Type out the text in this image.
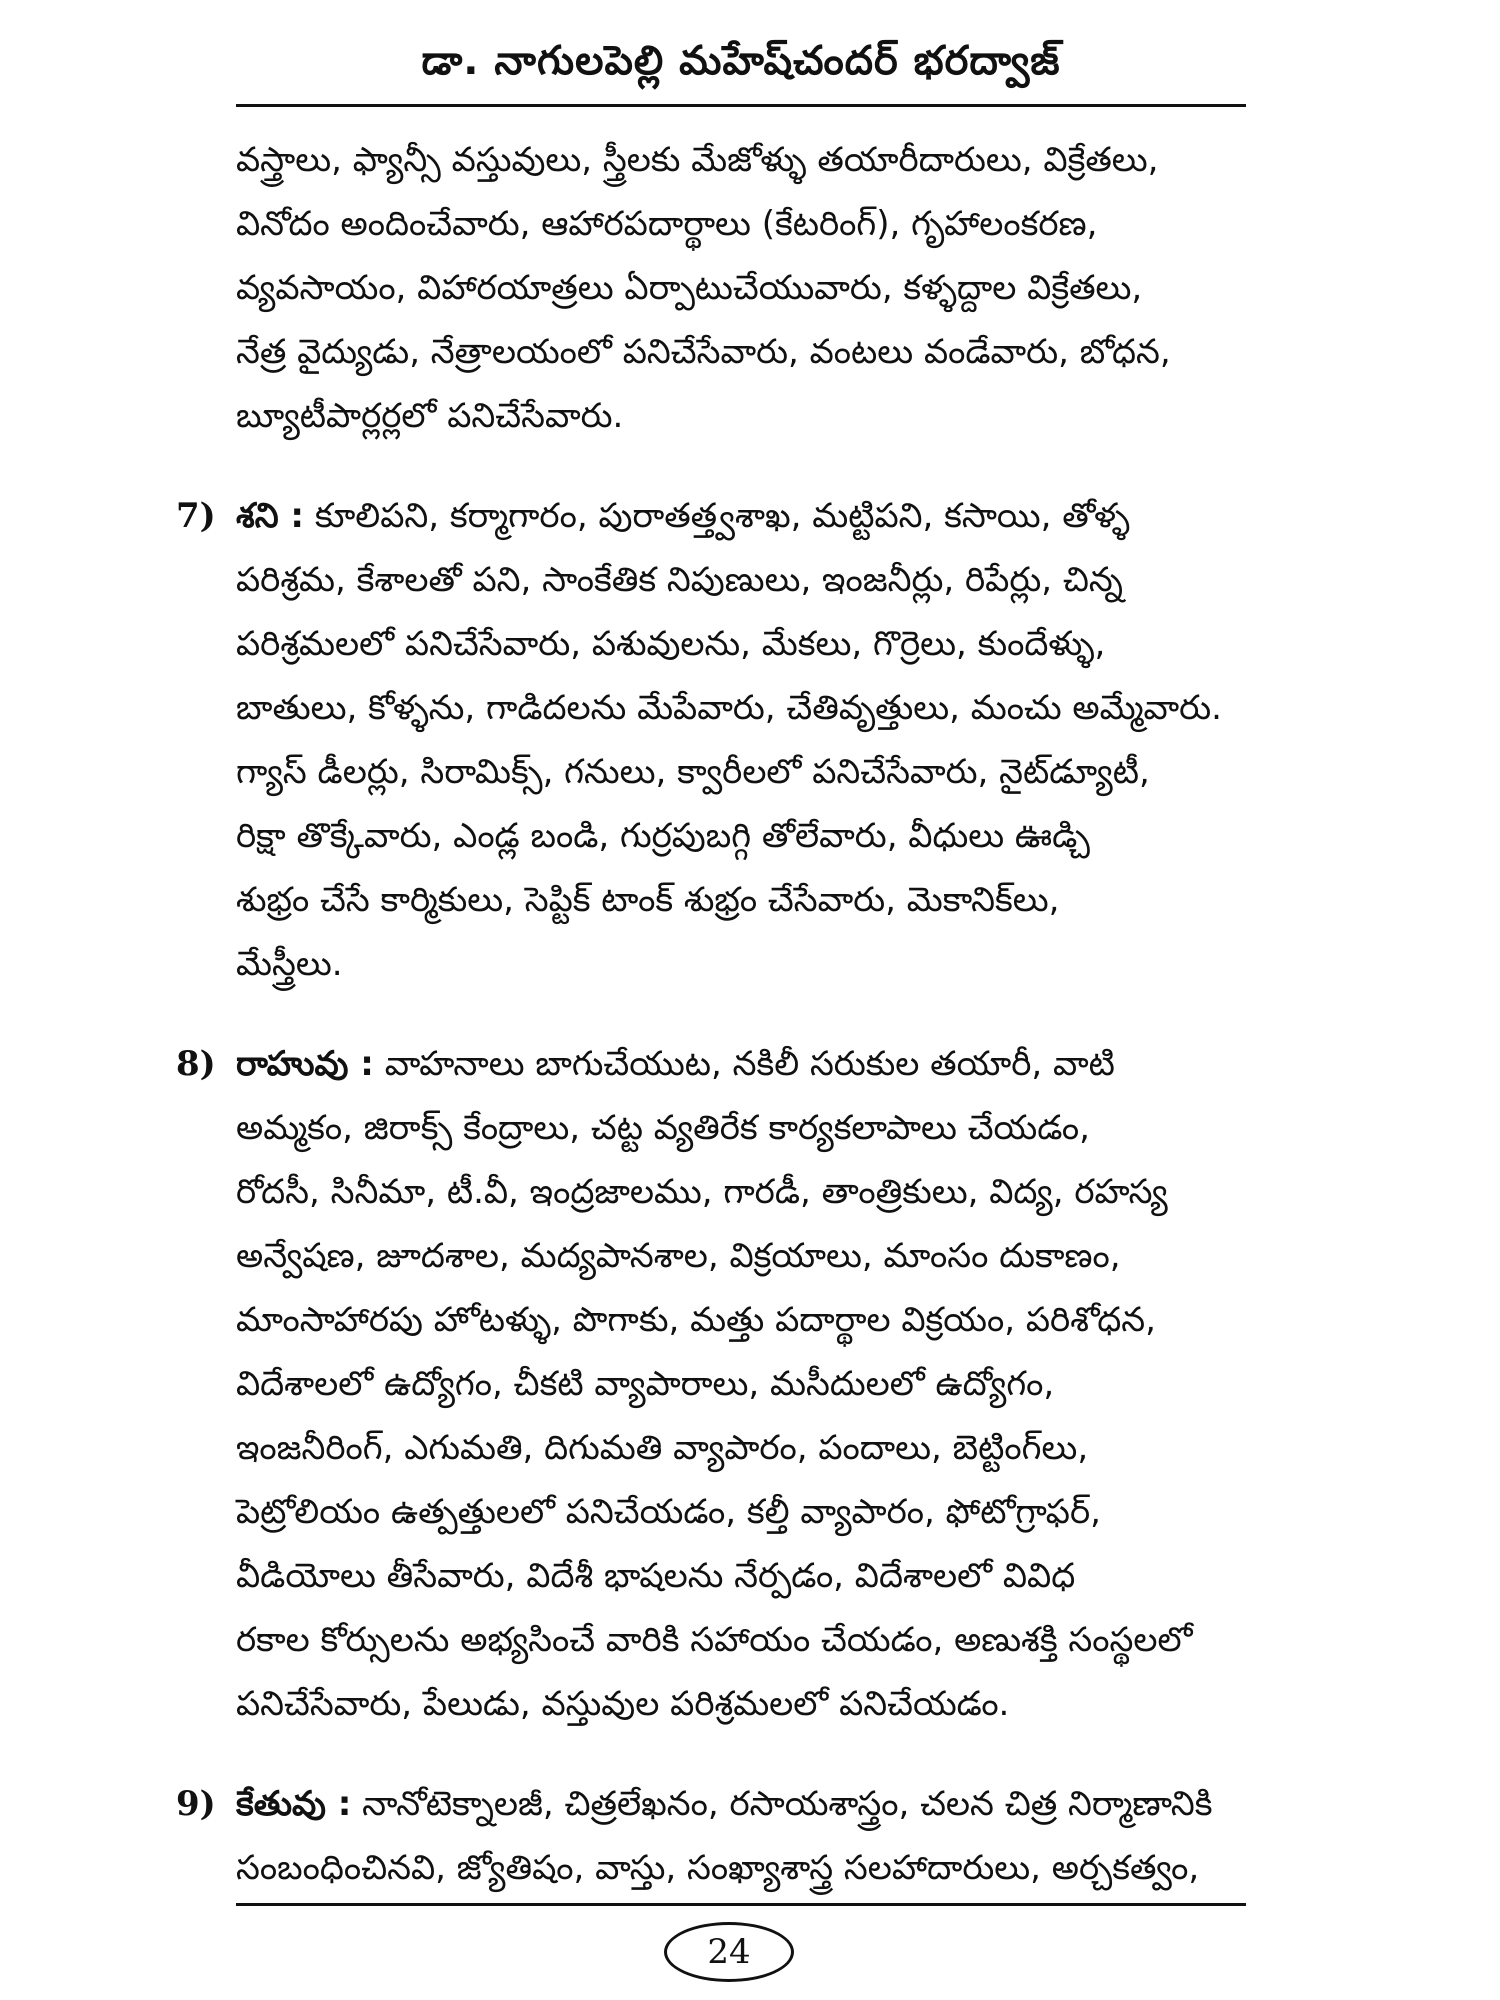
డా. నాగులపెల్లి మహేష్‌చందర్ భరద్వాజ్
వస్త్రాలు, ఫ్యాన్సీ వస్తువులు, స్త్రీలకు మేజోళ్ళు తయారీదారులు, విక్రేతలు,
వినోదం అందించేవారు, ఆహారపదార్థాలు (కేటరింగ్), గృహాలంకరణ,
వ్యవసాయం, విహారయాత్రలు ఏర్పాటుచేయువారు, కళ్ళద్దాల విక్రేతలు,
నేత్ర వైద్యుడు, నేత్రాలయంలో పనిచేసేవారు, వంటలు వండేవారు, బోధన,
బ్యూటీపార్లర్లలో పనిచేసేవారు.
7) శని : కూలిపని, కర్మాగారం, పురాతత్త్వశాఖ, మట్టిపని, కసాయి, తోళ్ళ
పరిశ్రమ, కేశాలతో పని, సాంకేతిక నిపుణులు, ఇంజనీర్లు, రిపేర్లు, చిన్న
పరిశ్రమలలో పనిచేసేవారు, పశువులను, మేకలు, గొర్రెలు, కుందేళ్ళు,
బాతులు, కోళ్ళను, గాడిదలను మేపేవారు, చేతివృత్తులు, మంచు అమ్మేవారు.
గ్యాస్ డీలర్లు, సిరామిక్స్, గనులు, క్వారీలలో పనిచేసేవారు, నైట్‌డ్యూటీ,
రిక్షా తొక్కేవారు, ఎండ్ల బండి, గుర్రపుబగ్గి తోలేవారు, వీధులు ఊడ్చి
శుభ్రం చేసే కార్మికులు, సెప్టిక్ టాంక్ శుభ్రం చేసేవారు, మెకానిక్‌లు,
మేస్త్రీలు.
8) రాహువు : వాహనాలు బాగుచేయుట, నకిలీ సరుకుల తయారీ, వాటి
అమ్మకం, జిరాక్స్ కేంద్రాలు, చట్ట వ్యతిరేక కార్యకలాపాలు చేయడం,
రోదసీ, సినీమా, టీ.వీ, ఇంద్రజాలము, గారడీ, తాంత్రికులు, విద్య, రహస్య
అన్వేషణ, జూదశాల, మద్యపానశాల, విక్రయాలు, మాంసం దుకాణం,
మాంసాహారపు హోటళ్ళు, పొగాకు, మత్తు పదార్థాల విక్రయం, పరిశోధన,
విదేశాలలో ఉద్యోగం, చీకటి వ్యాపారాలు, మసీదులలో ఉద్యోగం,
ఇంజనీరింగ్, ఎగుమతి, దిగుమతి వ్యాపారం, పందాలు, బెట్టింగ్‌లు,
పెట్రోలియం ఉత్పత్తులలో పనిచేయడం, కల్తీ వ్యాపారం, ఫోటోగ్రాఫర్,
వీడియోలు తీసేవారు, విదేశీ భాషలను నేర్పడం, విదేశాలలో వివిధ
రకాల కోర్సులను అభ్యసించే వారికి సహాయం చేయడం, అణుశక్తి సంస్థలలో
పనిచేసేవారు, పేలుడు, వస్తువుల పరిశ్రమలలో పనిచేయడం.
9) కేతువు : నానోటెక్నాలజీ, చిత్రలేఖనం, రసాయశాస్త్రం, చలన చిత్ర నిర్మాణానికి
సంబంధించినవి, జ్యోతిషం, వాస్తు, సంఖ్యాశాస్త్ర సలహాదారులు, అర్చకత్వం,
24
